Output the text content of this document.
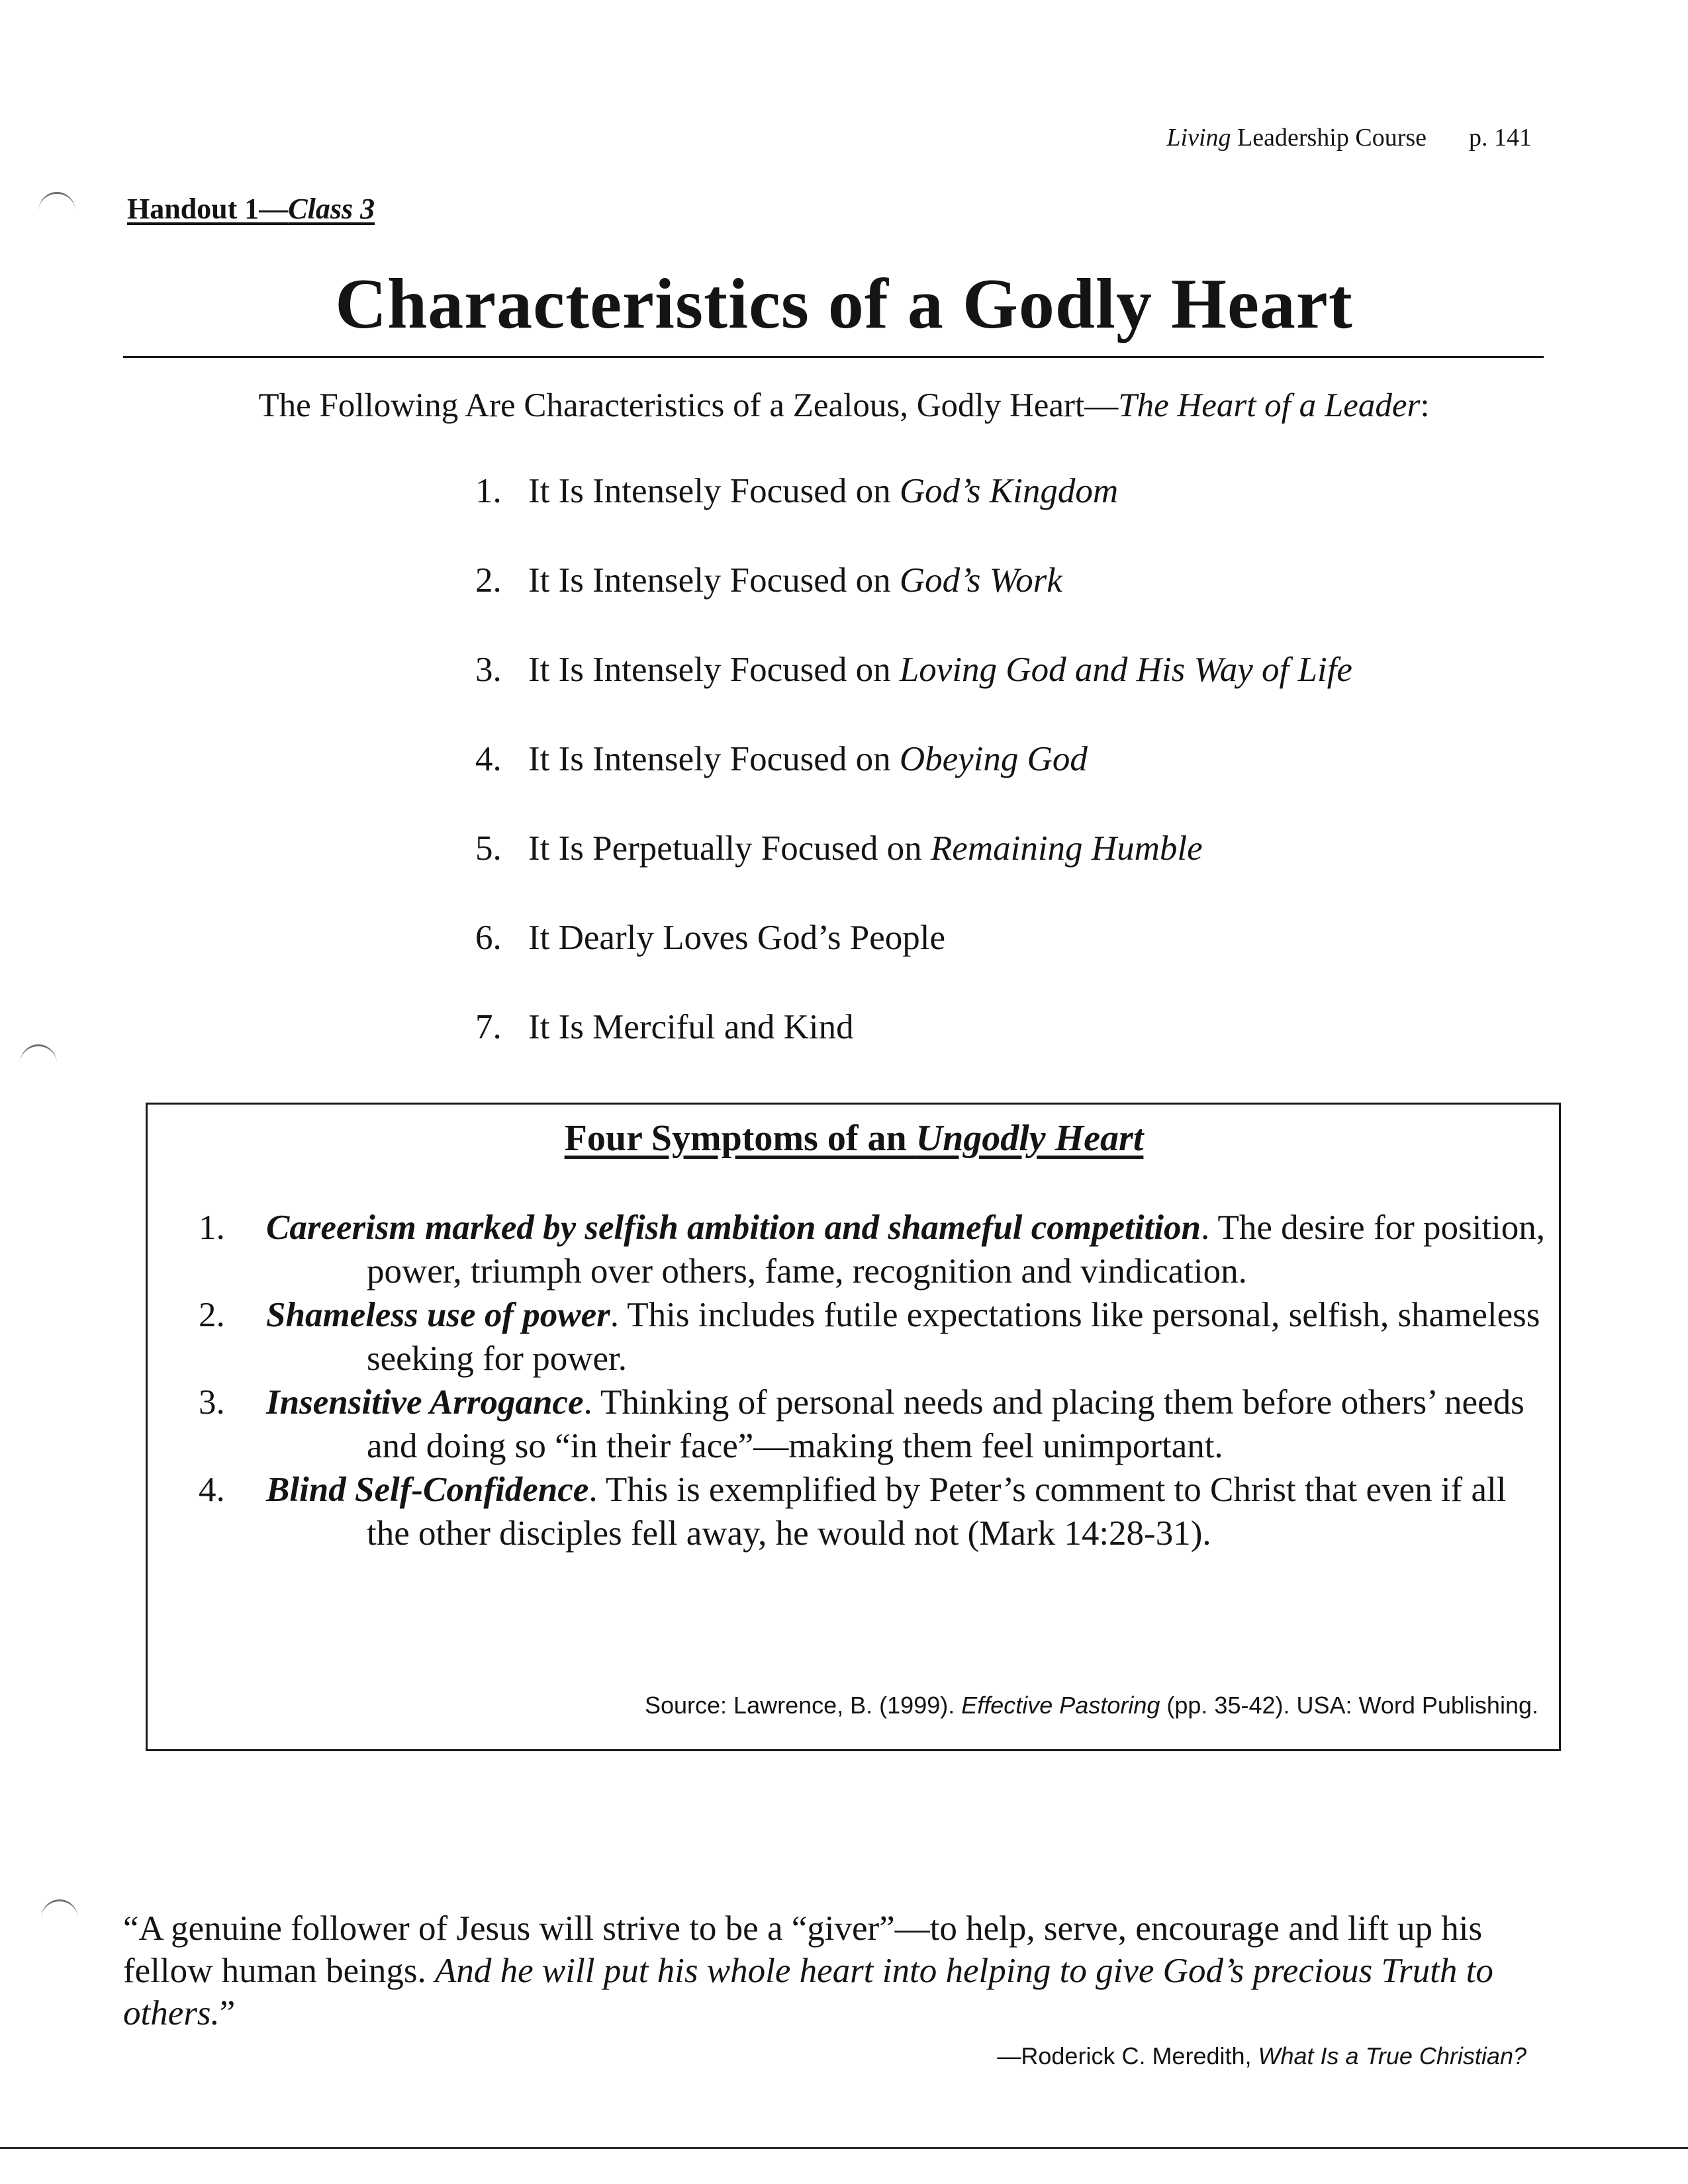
Living Leadership Course p. 141
Handout 1—Class 3
Characteristics of a Godly Heart
The Following Are Characteristics of a Zealous, Godly Heart—The Heart of a Leader:
1. It Is Intensely Focused on God’s Kingdom
2. It Is Intensely Focused on God’s Work
3. It Is Intensely Focused on Loving God and His Way of Life
4. It Is Intensely Focused on Obeying God
5. It Is Perpetually Focused on Remaining Humble
6. It Dearly Loves God’s People
7. It Is Merciful and Kind
Four Symptoms of an Ungodly Heart
1. Careerism marked by selfish ambition and shameful competition. The desire for position, power, triumph over others, fame, recognition and vindication.
2. Shameless use of power. This includes futile expectations like personal, selfish, shameless seeking for power.
3. Insensitive Arrogance. Thinking of personal needs and placing them before others’ needs and doing so “in their face”—making them feel unimportant.
4. Blind Self-Confidence. This is exemplified by Peter’s comment to Christ that even if all the other disciples fell away, he would not (Mark 14:28-31).
Source: Lawrence, B. (1999). Effective Pastoring (pp. 35-42). USA: Word Publishing.
“A genuine follower of Jesus will strive to be a “giver”—to help, serve, encourage and lift up his fellow human beings. And he will put his whole heart into helping to give God’s precious Truth to others.”
—Roderick C. Meredith, What Is a True Christian?
